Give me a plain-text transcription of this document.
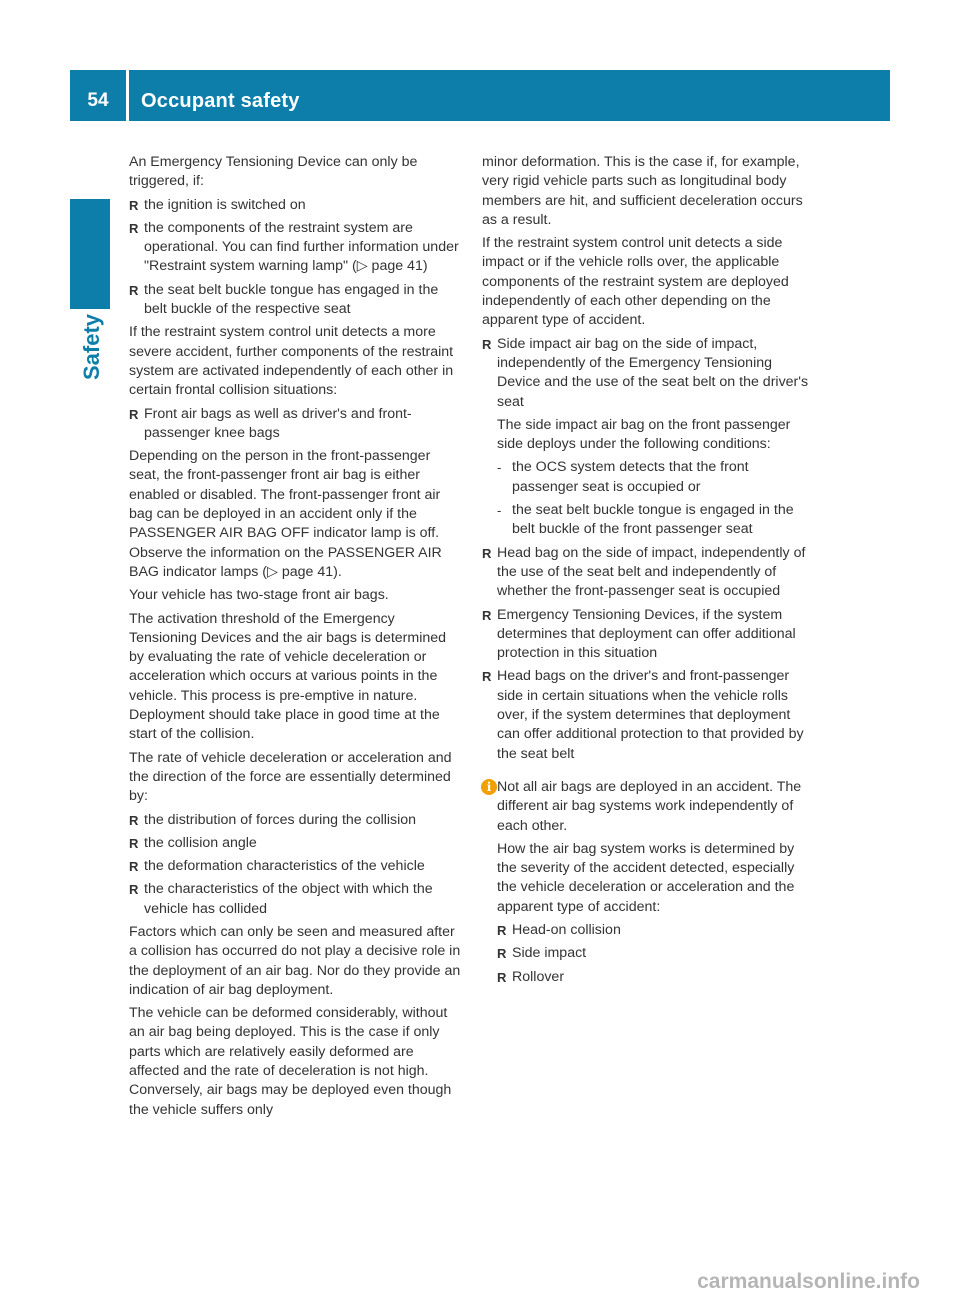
54	Occupant safety
Safety

An Emergency Tensioning Device can only be triggered, if:

R the ignition is switched on
R the components of the restraint system are operational. You can find further information under "Restraint system warning lamp" (▷ page 41)
R the seat belt buckle tongue has engaged in the belt buckle of the respective seat

If the restraint system control unit detects a more severe accident, further components of the restraint system are activated independently of each other in certain frontal collision situations:

R Front air bags as well as driver's and front-passenger knee bags

Depending on the person in the front-passenger seat, the front-passenger front air bag is either enabled or disabled. The front-passenger front air bag can be deployed in an accident only if the PASSENGER AIR BAG OFF indicator lamp is off. Observe the information on the PASSENGER AIR BAG indicator lamps (▷ page 41).

Your vehicle has two-stage front air bags.

The activation threshold of the Emergency Tensioning Devices and the air bags is determined by evaluating the rate of vehicle deceleration or acceleration which occurs at various points in the vehicle. This process is pre-emptive in nature. Deployment should take place in good time at the start of the collision.

The rate of vehicle deceleration or acceleration and the direction of the force are essentially determined by:

R the distribution of forces during the collision
R the collision angle
R the deformation characteristics of the vehicle
R the characteristics of the object with which the vehicle has collided

Factors which can only be seen and measured after a collision has occurred do not play a decisive role in the deployment of an air bag. Nor do they provide an indication of air bag deployment.

The vehicle can be deformed considerably, without an air bag being deployed. This is the case if only parts which are relatively easily deformed are affected and the rate of deceleration is not high. Conversely, air bags may be deployed even though the vehicle suffers only

minor deformation. This is the case if, for example, very rigid vehicle parts such as longitudinal body members are hit, and sufficient deceleration occurs as a result.

If the restraint system control unit detects a side impact or if the vehicle rolls over, the applicable components of the restraint system are deployed independently of each other depending on the apparent type of accident.

R Side impact air bag on the side of impact, independently of the Emergency Tensioning Device and the use of the seat belt on the driver's seat
The side impact air bag on the front passenger side deploys under the following conditions:
- the OCS system detects that the front passenger seat is occupied or
- the seat belt buckle tongue is engaged in the belt buckle of the front passenger seat
R Head bag on the side of impact, independently of the use of the seat belt and independently of whether the front-passenger seat is occupied
R Emergency Tensioning Devices, if the system determines that deployment can offer additional protection in this situation
R Head bags on the driver's and front-passenger side in certain situations when the vehicle rolls over, if the system determines that deployment can offer additional protection to that provided by the seat belt
i Not all air bags are deployed in an accident. The different air bag systems work independently of each other.

How the air bag system works is determined by the severity of the accident detected, especially the vehicle deceleration or acceleration and the apparent type of accident:

R Head-on collision
R Side impact
R Rollover
carmanualsonline.info
